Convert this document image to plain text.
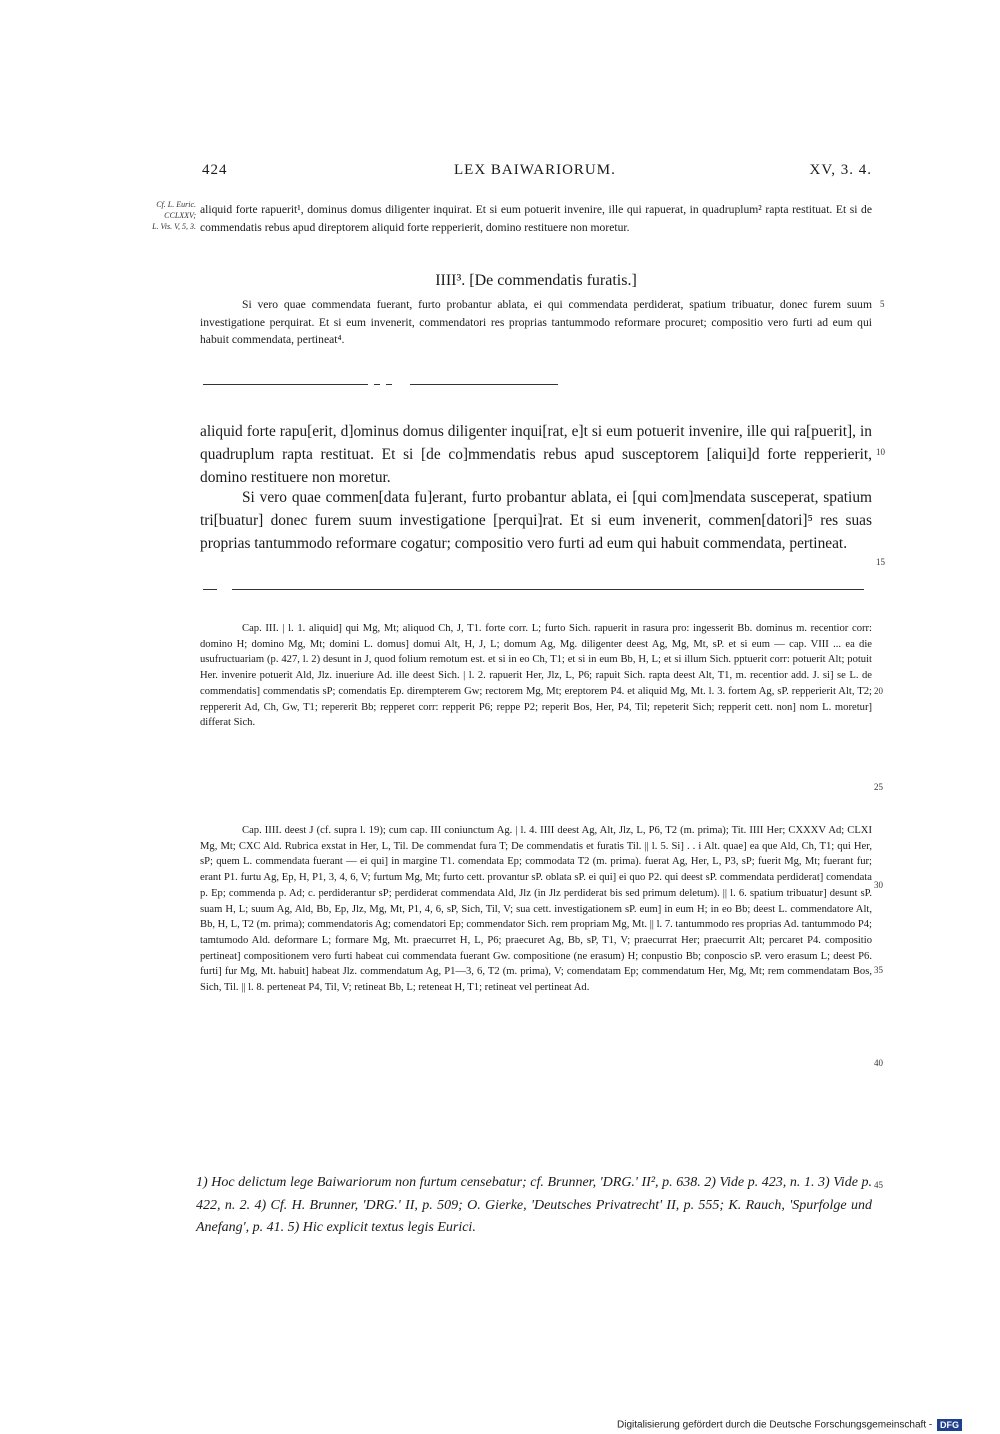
424	LEX BAIWARIORUM.	XV, 3. 4.
Cf. L. Euric. CCLXXV;
L. Vis. V, 5, 3.

aliquid forte rapuerit¹, dominus domus diligenter inquirat. Et si eum potuerit invenire, ille qui rapuerat, in quadruplum² rapta restituat. Et si de commendatis rebus apud direptorem aliquid forte repperierit, domino restituere non moretur.

IIII³. [De commendatis furatis.]

Si vero quae commendata fuerant, furto probantur ablata, ei qui commendata perdiderat, spatium tribuatur, donec furem suum investigatione perquirat. Et si eum invenerit, commendatori res proprias tantummodo reformare procuret; compositio vero furti ad eum qui habuit commendata, pertineat⁴.

5

aliquid forte rapu[erit, d]ominus domus diligenter inqui[rat, e]t si eum potuerit invenire, ille qui ra[puerit], in quadruplum rapta restituat. Et si [de co]mmendatis rebus apud susceptorem [aliqui]d forte repperierit, domino restituere non moretur.

10

Si vero quae commen[data fu]erant, furto probantur ablata, ei [qui com]mendata susceperat, spatium tri[buatur] donec furem suum investigatione [perqui]rat. Et si eum invenerit, commen[datori]⁵ res suas proprias tantummodo reformare cogatur; compositio vero furti ad eum qui habuit commendata, pertineat.

15

Cap. III. | l. 1. aliquid] qui Mg, Mt; aliquod Ch, J, T1. forte corr. L; furto Sich. rapuerit in rasura pro: ingesserit Bb. dominus m. recentior corr: domino H; domino Mg, Mt; domini L. domus] domui Alt, H, J, L; domum Ag, Mg. diligenter deest Ag, Mg, Mt, sP. et si eum — cap. VIII ... ea die usufructuariam (p. 427, l. 2) desunt in J, quod folium remotum est. et si in eo Ch, T1; et si in eum Bb, H, L; et si illum Sich. pptuerit corr: potuerit Alt; potuit Her. invenire potuerit Ald, Jlz. inueriure Ad. ille deest Sich. | l. 2. rapuerit Her, Jlz, L, P6; rapuit Sich. rapta deest Alt, T1, m. recentior add. J. si] se L. de commendatis] commendatis sP; comendatis Ep. dirempterem Gw; rectorem Mg, Mt; ereptorem P4. et aliquid Mg, Mt. l. 3. fortem Ag, sP. repperierit Alt, T2; reppererit Ad, Ch, Gw, T1; repererit Bb; repperet corr: repperit P6; reppe P2; reperit Bos, Her, P4, Til; repeterit Sich; repperit cett. non] nom L. moretur] differat Sich.

20
25

Cap. IIII. deest J (cf. supra l. 19); cum cap. III coniunctum Ag. | l. 4. IIII deest Ag, Alt, Jlz, L, P6, T2 (m. prima); Tit. IIII Her; CXXXV Ad; CLXI Mg, Mt; CXC Ald. Rubrica exstat in Her, L, Til. De commendat fura T; De commendatis et furatis Til. || l. 5. Si] . . i Alt. quae] ea que Ald, Ch, T1; qui Her, sP; quem L. commendata fuerant — ei qui] in margine T1. comendata Ep; commodata T2 (m. prima). fuerat Ag, Her, L, P3, sP; fuerit Mg, Mt; fuerant fur; erant P1. furtu Ag, Ep, H, P1, 3, 4, 6, V; furtum Mg, Mt; furto cett. provantur sP. oblata sP. ei qui] ei quo P2. qui deest sP. commendata perdiderat] comendata p. Ep; commenda p. Ad; c. perdiderantur sP; perdiderat commendata Ald, Jlz (in Jlz perdiderat bis sed primum deletum). || l. 6. spatium tribuatur] desunt sP. suam H, L; suum Ag, Ald, Bb, Ep, Jlz, Mg, Mt, P1, 4, 6, sP, Sich, Til, V; sua cett. investigationem sP. eum] in eum H; in eo Bb; deest L. commendatore Alt, Bb, H, L, T2 (m. prima); commendatoris Ag; comendatori Ep; commendator Sich. rem propriam Mg, Mt. || l. 7. tantummodo res proprias Ad. tantummodo P4; tamtumodo Ald. deformare L; formare Mg, Mt. praecurret H, L, P6; praecuret Ag, Bb, sP, T1, V; praecurrat Her; praecurrit Alt; percaret P4. compositio pertineat] compositionem vero furti habeat cui commendata fuerant Gw. compositione (ne erasum) H; conpustio Bb; conposcio sP. vero erasum L; deest P6. furti] fur Mg, Mt. habuit] habeat Jlz. commendatum Ag, P1—3, 6, T2 (m. prima), V; comendatam Ep; commendatum Her, Mg, Mt; rem commendatam Bos, Sich, Til. || l. 8. perteneat P4, Til, V; retineat Bb, L; reteneat H, T1; retineat vel pertineat Ad.

30
35
40

1) Hoc delictum lege Baiwariorum non furtum censebatur; cf. Brunner, 'DRG.' II², p. 638. 2) Vide p. 423, n. 1. 3) Vide p. 422, n. 2. 4) Cf. H. Brunner, 'DRG.' II, p. 509; O. Gierke, 'Deutsches Privatrecht' II, p. 555; K. Rauch, 'Spurfolge und Anefang', p. 41. 5) Hic explicit textus legis Eurici.

45
Digitalisierung gefördert durch die Deutsche Forschungsgemeinschaft - DFG
